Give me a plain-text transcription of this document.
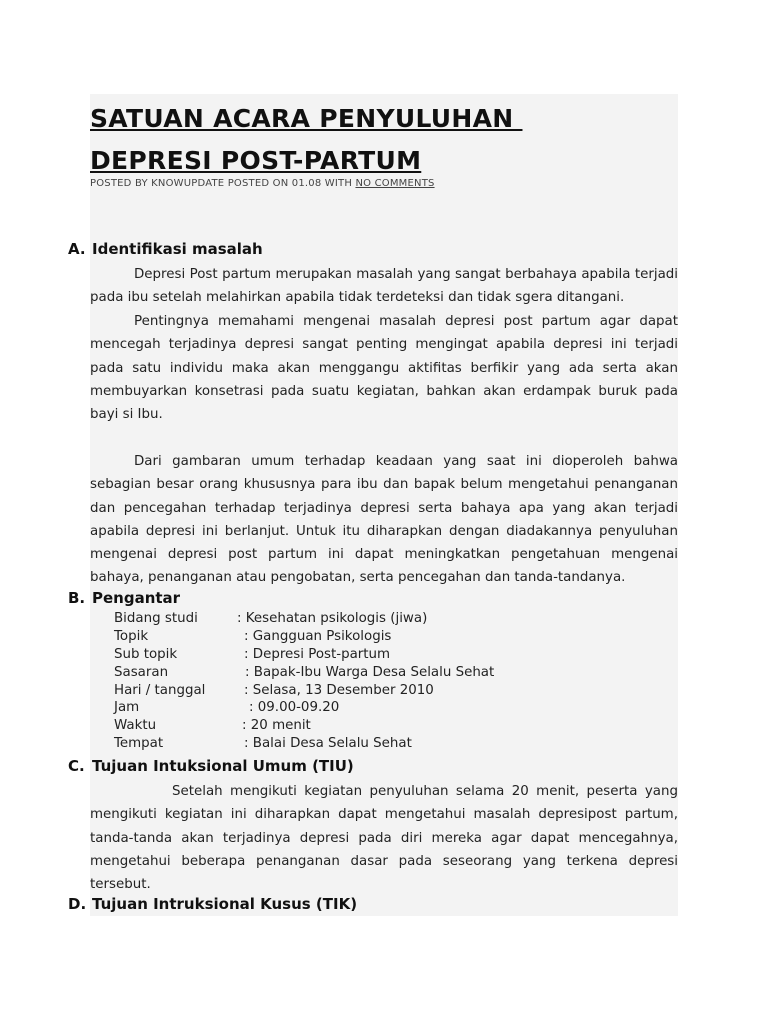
SATUAN ACARA PENYULUHAN
DEPRESI POST-PARTUM
POSTED BY KNOWUPDATE POSTED ON 01.08 WITH NO COMMENTS
A. Identifikasi masalah

Depresi Post partum merupakan masalah yang sangat berbahaya apabila terjadi pada ibu setelah melahirkan apabila tidak terdeteksi dan tidak sgera ditangani.

Pentingnya memahami mengenai masalah depresi post partum agar dapat mencegah terjadinya depresi sangat penting mengingat apabila depresi ini terjadi pada satu individu maka akan menggangu aktifitas berfikir yang ada serta akan membuyarkan konsetrasi pada suatu kegiatan, bahkan akan erdampak buruk pada bayi si Ibu.

Dari gambaran umum terhadap keadaan yang saat ini dioperoleh bahwa sebagian besar orang khususnya para ibu dan bapak belum mengetahui penanganan dan pencegahan terhadap terjadinya depresi serta bahaya apa yang akan terjadi apabila depresi ini berlanjut. Untuk itu diharapkan dengan diadakannya penyuluhan mengenai depresi post partum ini dapat meningkatkan pengetahuan mengenai bahaya, penanganan atau pengobatan, serta pencegahan dan tanda-tandanya.

B. Pengantar
Bidang studi	: Kesehatan psikologis (jiwa)
Topik	: Gangguan Psikologis
Sub topik	: Depresi Post-partum
Sasaran	: Bapak-Ibu Warga Desa Selalu Sehat
Hari / tanggal	: Selasa, 13 Desember 2010
Jam	: 09.00-09.20
Waktu	: 20 menit
Tempat	: Balai Desa Selalu Sehat
C. Tujuan Intuksional Umum (TIU)

Setelah mengikuti kegiatan penyuluhan selama 20 menit, peserta yang mengikuti kegiatan ini diharapkan dapat mengetahui masalah depresipost partum, tanda-tanda akan terjadinya depresi pada diri mereka agar dapat mencegahnya, mengetahui beberapa penanganan dasar pada seseorang yang terkena depresi tersebut.

D. Tujuan Intruksional Kusus (TIK)
